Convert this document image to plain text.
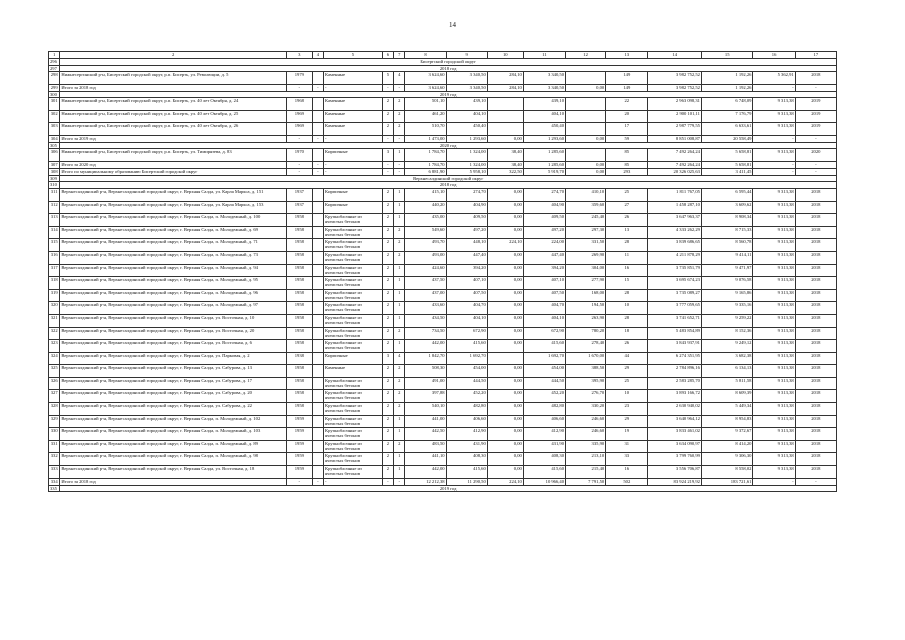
14
1	2	3	4	5	6	7	8	9	10	11	12	13	14	15	16	17
296	Бисертский городской округ															
297	2018 год															
298	Нижнесергинский р-н, Бисертский городской округ, р.п. Бисерть, ул. Революции, д. 5	1979		Каменные	5	4	3 624,60	3 340,50	284,10	3 340,50		149	3 982 752,52	1 192,26	5 362,91	2018
299	Итого за 2018 год	-	-	-	-	-	3 624,60	3 340,50	284,10	3 340,50	0,00	149	3 982 752,52	1 192,26	-	-
300	2019 год															
301	Нижнесергинский р-н, Бисертский городской округ, р.п. Бисерть, ул. 40 лет Октября, д. 24	1968		Каменные	2	2	501,10	439,10		439,10		22	2 963 098,31	6 748,09	9 313,38	2019
302	Нижнесергинский р-н, Бисертский городской округ, р.п. Бисерть, ул. 40 лет Октября, д. 25	1969		Каменные	2	2	461,20	404,10		404,10		20	2 900 101,11	7 176,79	9 313,38	2019
303	Нижнесергинский р-н, Бисертский городской округ, р.п. Бисерть, ул. 40 лет Октября, д. 26	1969		Каменные	2	2	510,70	450,40		450,40		17	2 987 779,55	6 633,61	9 313,38	2019
304	Итого за 2019 год	-	-	-	-	-	1 473,00	1 293,60	0,00	1 293,60	0,00	59	8 851 008,87	20 558,49	-	-
305	2020 год															
306	Нижнесергинский р-н, Бисертский городской округ, р.п. Бисерть, ул. Тимирязева, д. 83	1970		Кирпичные	3	1	1 784,70	1 324,00	38,40	1 285,60		85	7 492 264,24	5 658,81	9 313,38	2020
307	Итого за 2020 год	-	-	-	-	-	1 784,70	1 324,00	38,40	1 285,60	0,00	85	7 492 264,24	5 658,81	-	-
308	Итого по муниципальному образованию Бисертский городской округ	-	-	-	-	-	6 881,90	5 958,10	322,50	5 919,70	0,00	293	20 326 025,63	3 411,45	-	-
309	Верхнесалдинский городской округ															
310	2018 год															
311	Верхнесалдинский р-н, Верхнесалдинский городской округ, г. Верхняя Салда, ул. Карла Маркса, д. 151	1937		Кирпичные	2	1	415,10	274,70	0,00	274,70	410,10	25	1 811 767,05	6 595,44	9 313,38	2018
312	Верхнесалдинский р-н, Верхнесалдинский городской округ, г. Верхняя Салда, ул. Карла Маркса, д. 153	1937		Кирпичные	2	1	440,20	404,90	0,00	404,90	359,60	27	1 458 287,10	3 609,62	9 313,38	2018
313	Верхнесалдинский р-н, Верхнесалдинский городской округ, г. Верхняя Салда, п. Молодежный, д. 100	1958		Крупноблочные из ячеистых бетонов	2	1	435,00	409,50	0,00	409,50	245,40	26	3 647 963,37	8 908,34	9 313,38	2018
314	Верхнесалдинский р-н, Верхнесалдинский городской округ, г. Верхняя Салда, п. Молодежный, д. 69	1958		Крупноблочные из ячеистых бетонов	2	2	549,60	497,20	0,00	497,20	297,30	13	4 333 262,29	8 715,33	9 313,38	2018
315	Верхнесалдинский р-н, Верхнесалдинский городской округ, г. Верхняя Салда, п. Молодежный, д. 71	1958		Крупноблочные из ячеистых бетонов	2	2	493,70	448,10	224,10	224,00	331,50	28	3 839 686,65	8 560,78	9 313,38	2018
316	Верхнесалдинский р-н, Верхнесалдинский городской округ, г. Верхняя Салда, п. Молодежный, д. 73	1958		Крупноблочные из ячеистых бетонов	2	2	493,00	447,40	0,00	447,40	269,90	11	4 211 878,29	9 414,11	9 313,38	2018
317	Верхнесалдинский р-н, Верхнесалдинский городской округ, г. Верхняя Салда, п. Молодежный, д. 94	1958		Крупноблочные из ячеистых бетонов	2	1	424,60	394,20	0,00	394,20	304,00	16	3 735 851,79	9 471,97	9 313,38	2018
318	Верхнесалдинский р-н, Верхнесалдинский городской округ, г. Верхняя Салда, п. Молодежный, д. 95	1958		Крупноблочные из ячеистых бетонов	2	1	437,50	407,10	0,00	407,10	277,90	15	3 695 674,23	9 076,58	9 313,38	2018
319	Верхнесалдинский р-н, Верхнесалдинский городской округ, г. Верхняя Салда, п. Молодежный, д. 96	1958		Крупноблочные из ячеистых бетонов	2	1	437,00	407,50	0,00	407,50	168,00	28	3 735 089,27	9 165,86	9 313,38	2018
320	Верхнесалдинский р-н, Верхнесалдинский городской округ, г. Верхняя Салда, п. Молодежный, д. 97	1958		Крупноблочные из ячеистых бетонов	2	1	433,60	404,70	0,00	404,70	194,50	10	3 777 059,65	9 335,16	9 313,38	2018
321	Верхнесалдинский р-н, Верхнесалдинский городской округ, г. Верхняя Салда, ул. Восточная, д. 10	1958		Крупноблочные из ячеистых бетонов	2	1	434,50	404,10	0,00	404,10	263,90	28	3 741 652,71	9 259,22	9 313,38	2018
322	Верхнесалдинский р-н, Верхнесалдинский городской округ, г. Верхняя Салда, ул. Восточная, д. 20	1958		Крупноблочные из ячеистых бетонов	2	2	734,50	672,90	0,00	672,90	780,20	18	5 483 854,89	8 152,36	9 313,38	2018
323	Верхнесалдинский р-н, Верхнесалдинский городской округ, г. Верхняя Салда, ул. Восточная, д. 6	1958		Крупноблочные из ячеистых бетонов	2	1	442,00	415,60	0,00	415,60	278,40	26	3 843 937,91	9 249,12	9 313,38	2018
324	Верхнесалдинский р-н, Верхнесалдинский городской округ, г. Верхняя Салда, ул. Парковая, д. 2	1938		Кирпичные	3	4	1 842,70	1 692,70		1 692,70	1 670,00	44	6 274 351,95	3 682,38	9 313,38	2018
325	Верхнесалдинский р-н, Верхнесалдинский городской округ, г. Верхняя Салда, ул. Сабурова, д. 13	1958		Каменные	2	2	508,30	454,00	0,00	454,00	388,50	29	2 784 896,16	6 134,13	9 313,38	2018
326	Верхнесалдинский р-н, Верхнесалдинский городской округ, г. Верхняя Салда, ул. Сабурова, д. 17	1958		Крупноблочные из ячеистых бетонов	2	2	491,00	444,50	0,00	444,50	395,90	25	2 583 285,70	5 811,58	9 313,38	2018
327	Верхнесалдинский р-н, Верхнесалдинский городской округ, г. Верхняя Салда, ул. Сабурова, д. 20	1958		Крупноблочные из ячеистых бетонов	2	2	397,88	452,20	0,00	452,20	276,70	10	3 893 166,72	8 609,39	9 313,38	2018
328	Верхнесалдинский р-н, Верхнесалдинский городской округ, г. Верхняя Салда, ул. Сабурова, д. 22	1958		Крупноблочные из ячеистых бетонов	2	2	540,10	482,80	0,00	482,80	330,20	23	2 630 940,02	5 449,34	9 313,38	2018
329	Верхнесалдинский р-н, Верхнесалдинский городской округ, г. Верхняя Салда, п. Молодежный, д. 102	1959		Крупноблочные из ячеистых бетонов	2	1	441,00	406,60	0,00	406,60	246,60	29	3 640 964,12	8 954,83	9 313,38	2018
330	Верхнесалдинский р-н, Верхнесалдинский городской округ, г. Верхняя Салда, п. Молодежный, д. 103	1959		Крупноблочные из ячеистых бетонов	2	1	442,50	412,90	0,00	412,90	246,60	19	3 833 461,02	9 372,67	9 313,38	2018
331	Верхнесалдинский р-н, Верхнесалдинский городской округ, г. Верхняя Салда, п. Молодежный, д. 89	1959		Крупноблочные из ячеистых бетонов	2	2	483,50	431,90	0,00	431,90	335,90	31	3 634 090,97	8 414,20	9 313,38	2018
332	Верхнесалдинский р-н, Верхнесалдинский городской округ, г. Верхняя Салда, п. Молодежный, д. 98	1959		Крупноблочные из ячеистых бетонов	2	1	441,10	408,30	0,00	408,30	213,10	33	3 799 760,99	9 306,30	9 313,38	2018
333	Верхнесалдинский р-н, Верхнесалдинский городской округ, г. Верхняя Салда, ул. Восточная, д. 18	1959		Крупноблочные из ячеистых бетонов	2	1	442,00	415,60	0,00	415,60	215,40	16	3 556 706,87	8 558,02	9 313,38	2018
334	Итого за 2018 год	-	-	-	-	-	12 212,38	11 290,50	224,10	10 966,40	7 791,50	502	83 924 219,92	183 721,61	-	-
335	2019 год															
